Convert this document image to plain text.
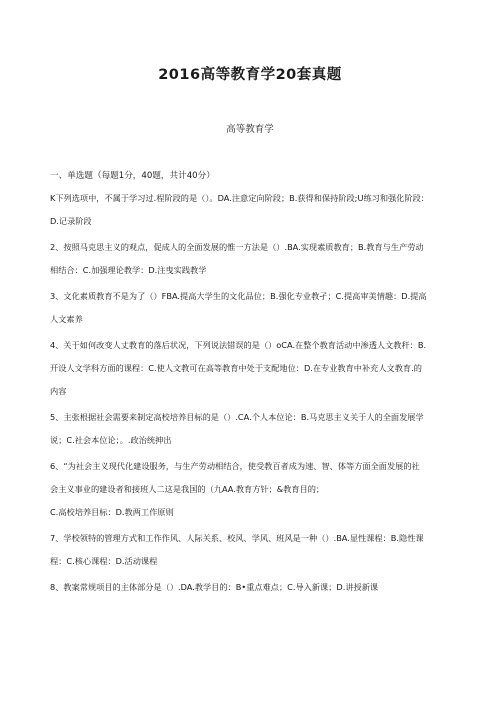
2016高等教育学20套真题
高等教育学
一、单选题（每题1分，40题，共计40分）
K下列选项中，不属于学习过.程阶段的是（）。DA.注意定向阶段；B.获得和保持阶段;U练习和强化阶段：
D.记录阶段
2、按照马克思主义的观点，促成人的全面发展的惟一方法是（）.BA.实现素质教育；B.教育与生产劳动
相结合：C.加强理论教学：D.注曳实践教学
3、文化素质教育不是为了（）FBA.提高大学生的文化品位；B.强化专业教孑；C.提高审美情趣：D.提高
人文素养
4、关于如何改变人丈教育的落后状况，下列说法错误的是（）oCA.在整个教育活动中渗透人文教秆：B.
开设人文学科方面的课程：C.使人文教可在高等教育中处于支配地位：D.在专业教育中补充人文教育.的
内容
5、主张根据社会需要来制定高校培养目标的是（）.CA.个人本位论：B.马克思主义关于人的全面发展学
说；C.社会本位论；。.政治统抻出
6、“为社会主义现代化建设服务，与生产劳动相结合，使受教百者成为速、智、体等方面全面发展的社
会主义事业的建设者和接班人二这是我国的（九AA.教育方针；&教育目的；
C.高校培养目标：D.教两工作原则
7、学校领特的管理方式和工作作风、人际关系、校风、学风、班风是一种（）.BA.显性课程：B.隐性课
程：C.核心课程：D.活动课程
8、教案常规项目的主体部分是（）.DA.教学目的：B•重点难点；C.导入新课；D.讲授新课
